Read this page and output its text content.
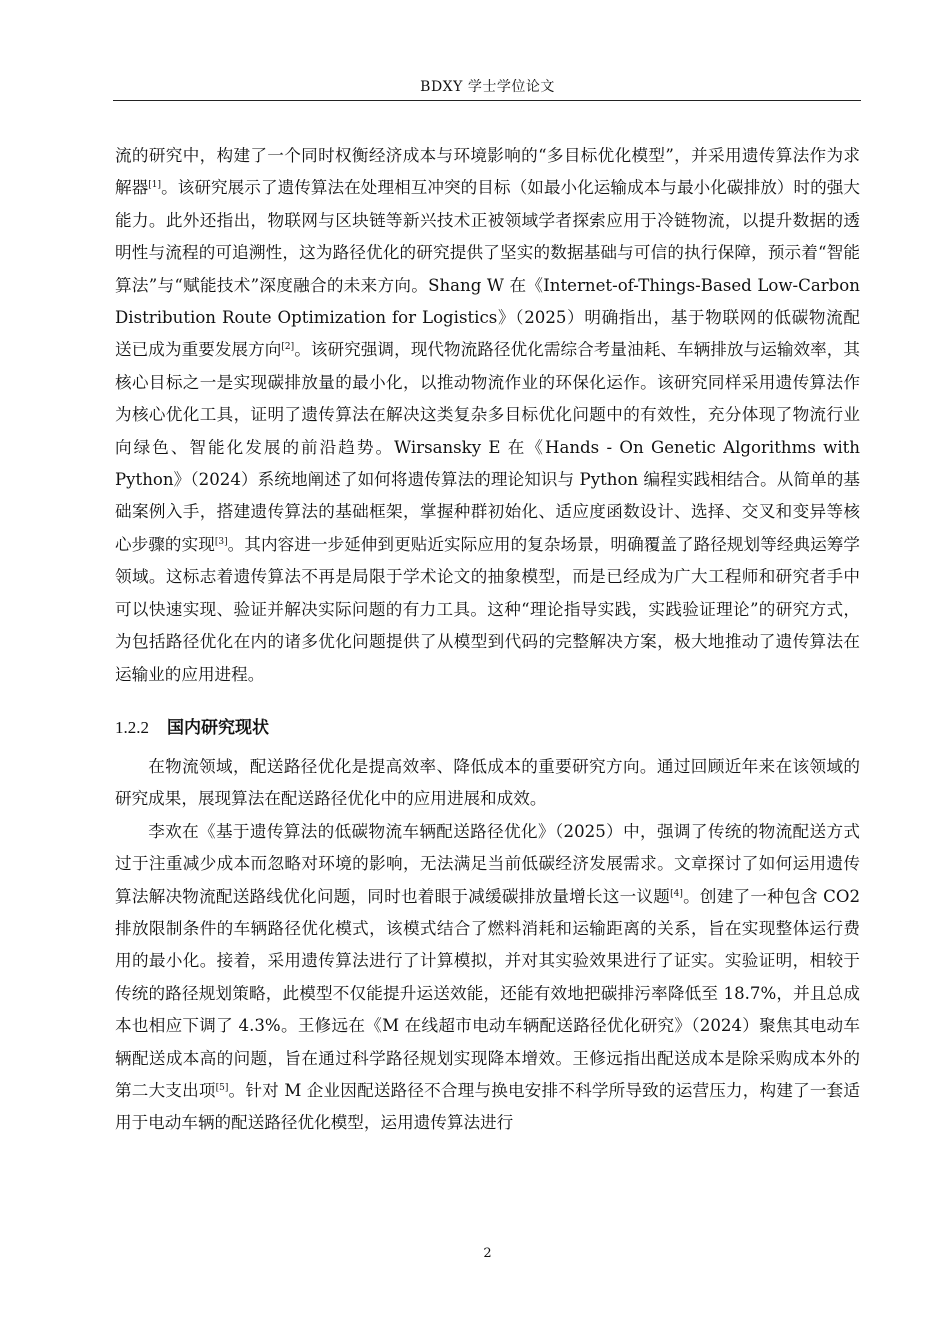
BDXY 学士学位论文

流的研究中，构建了一个同时权衡经济成本与环境影响的“多目标优化模型”，并采用遗传算法作为求解器[1]。该研究展示了遗传算法在处理相互冲突的目标（如最小化运输成本与最小化碳排放）时的强大能力。此外还指出，物联网与区块链等新兴技术正被领域学者探索应用于冷链物流，以提升数据的透明性与流程的可追溯性，这为路径优化的研究提供了坚实的数据基础与可信的执行保障，预示着“智能算法”与“赋能技术”深度融合的未来方向。Shang W 在《Internet-of-Things-Based Low-Carbon Distribution Route Optimization for Logistics》（2025）明确指出，基于物联网的低碳物流配送已成为重要发展方向[2]。该研究强调，现代物流路径优化需综合考量油耗、车辆排放与运输效率，其核心目标之一是实现碳排放量的最小化，以推动物流作业的环保化运作。该研究同样采用遗传算法作为核心优化工具，证明了遗传算法在解决这类复杂多目标优化问题中的有效性，充分体现了物流行业向绿色、智能化发展的前沿趋势。Wirsansky E 在《Hands - On Genetic Algorithms with Python》（2024）系统地阐述了如何将遗传算法的理论知识与 Python 编程实践相结合。从简单的基础案例入手，搭建遗传算法的基础框架，掌握种群初始化、适应度函数设计、选择、交叉和变异等核心步骤的实现[3]。其内容进一步延伸到更贴近实际应用的复杂场景，明确覆盖了路径规划等经典运筹学领域。这标志着遗传算法不再是局限于学术论文的抽象模型，而是已经成为广大工程师和研究者手中可以快速实现、验证并解决实际问题的有力工具。这种“理论指导实践，实践验证理论”的研究方式，为包括路径优化在内的诸多优化问题提供了从模型到代码的完整解决方案，极大地推动了遗传算法在运输业的应用进程。

1.2.2 国内研究现状

在物流领域，配送路径优化是提高效率、降低成本的重要研究方向。通过回顾近年来在该领域的研究成果，展现算法在配送路径优化中的应用进展和成效。

李欢在《基于遗传算法的低碳物流车辆配送路径优化》（2025）中，强调了传统的物流配送方式过于注重减少成本而忽略对环境的影响，无法满足当前低碳经济发展需求。文章探讨了如何运用遗传算法解决物流配送路线优化问题，同时也着眼于减缓碳排放量增长这一议题[4]。创建了一种包含 CO2 排放限制条件的车辆路径优化模式，该模式结合了燃料消耗和运输距离的关系，旨在实现整体运行费用的最小化。接着，采用遗传算法进行了计算模拟，并对其实验效果进行了证实。实验证明，相较于传统的路径规划策略，此模型不仅能提升运送效能，还能有效地把碳排污率降低至 18.7%，并且总成本也相应下调了 4.3%。王修远在《M 在线超市电动车辆配送路径优化研究》（2024）聚焦其电动车辆配送成本高的问题，旨在通过科学路径规划实现降本增效。王修远指出配送成本是除采购成本外的第二大支出项[5]。针对 M 企业因配送路径不合理与换电安排不科学所导致的运营压力，构建了一套适用于电动车辆的配送路径优化模型，运用遗传算法进行

2
